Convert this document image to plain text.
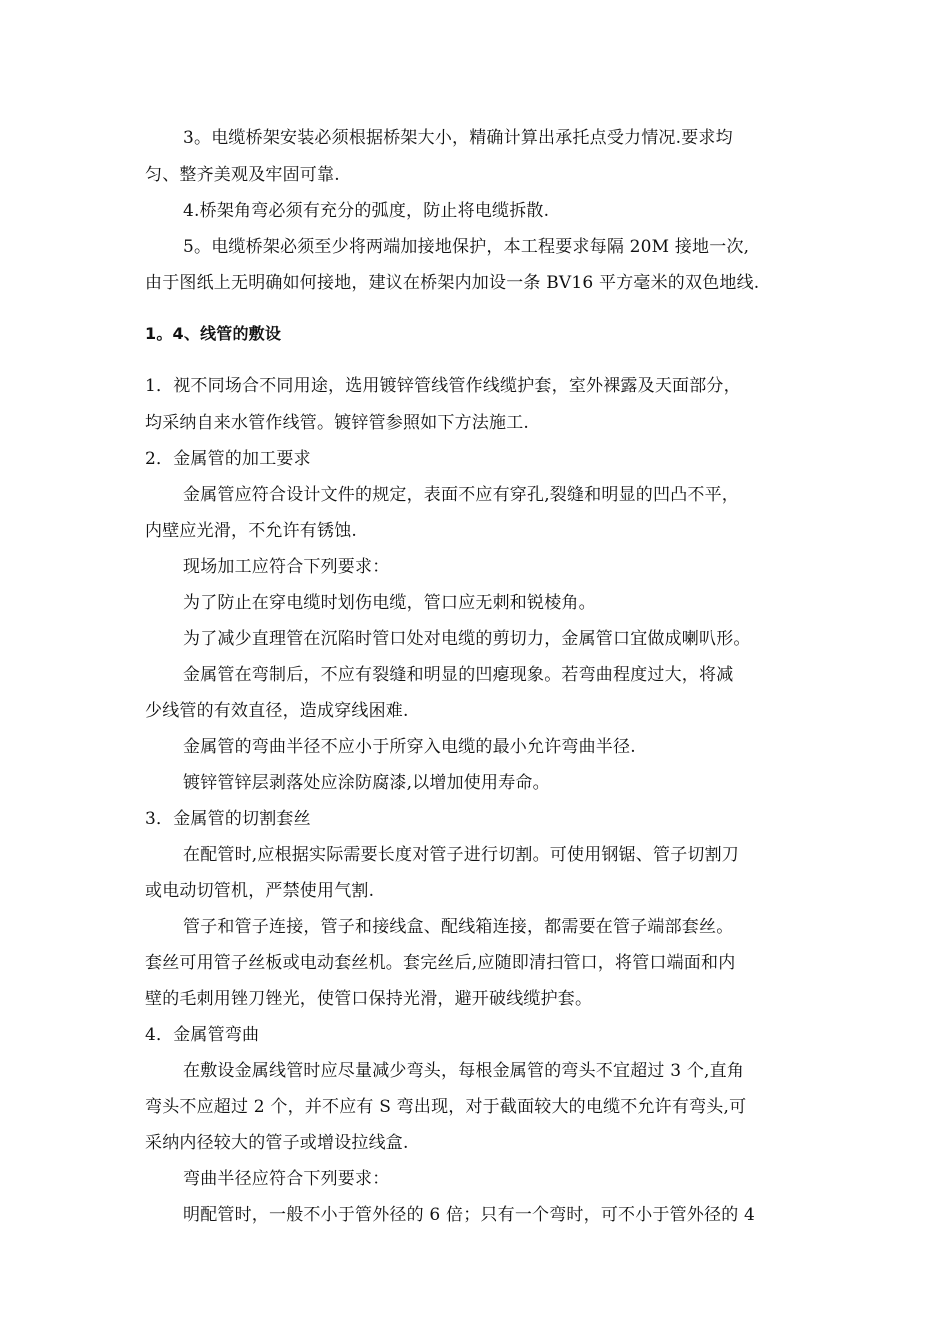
3。电缆桥架安装必须根据桥架大小，精确计算出承托点受力情况.要求均
匀、整齐美观及牢固可靠.
4.桥架角弯必须有充分的弧度，防止将电缆拆散.
5。电缆桥架必须至少将两端加接地保护，本工程要求每隔 20M 接地一次,
由于图纸上无明确如何接地，建议在桥架内加设一条 BV16 平方毫米的双色地线.
1。4、线管的敷设
1．视不同场合不同用途，选用镀锌管线管作线缆护套，室外裸露及天面部分，
均采纳自来水管作线管。镀锌管参照如下方法施工.
2．金属管的加工要求
金属管应符合设计文件的规定，表面不应有穿孔,裂缝和明显的凹凸不平，
内壁应光滑，不允许有锈蚀.
现场加工应符合下列要求：
为了防止在穿电缆时划伤电缆，管口应无刺和锐棱角。
为了减少直理管在沉陷时管口处对电缆的剪切力，金属管口宜做成喇叭形。
金属管在弯制后，不应有裂缝和明显的凹瘪现象。若弯曲程度过大，将减
少线管的有效直径，造成穿线困难.
金属管的弯曲半径不应小于所穿入电缆的最小允许弯曲半径.
镀锌管锌层剥落处应涂防腐漆,以增加使用寿命。
3．金属管的切割套丝
在配管时,应根据实际需要长度对管子进行切割。可使用钢锯、管子切割刀
或电动切管机，严禁使用气割.
管子和管子连接，管子和接线盒、配线箱连接，都需要在管子端部套丝。
套丝可用管子丝板或电动套丝机。套完丝后,应随即清扫管口，将管口端面和内
壁的毛刺用锉刀锉光，使管口保持光滑，避开破线缆护套。
4．金属管弯曲
在敷设金属线管时应尽量减少弯头，每根金属管的弯头不宜超过 3 个,直角
弯头不应超过 2 个，并不应有 S 弯出现，对于截面较大的电缆不允许有弯头,可
采纳内径较大的管子或增设拉线盒.
弯曲半径应符合下列要求：
明配管时，一般不小于管外径的 6 倍；只有一个弯时，可不小于管外径的 4
